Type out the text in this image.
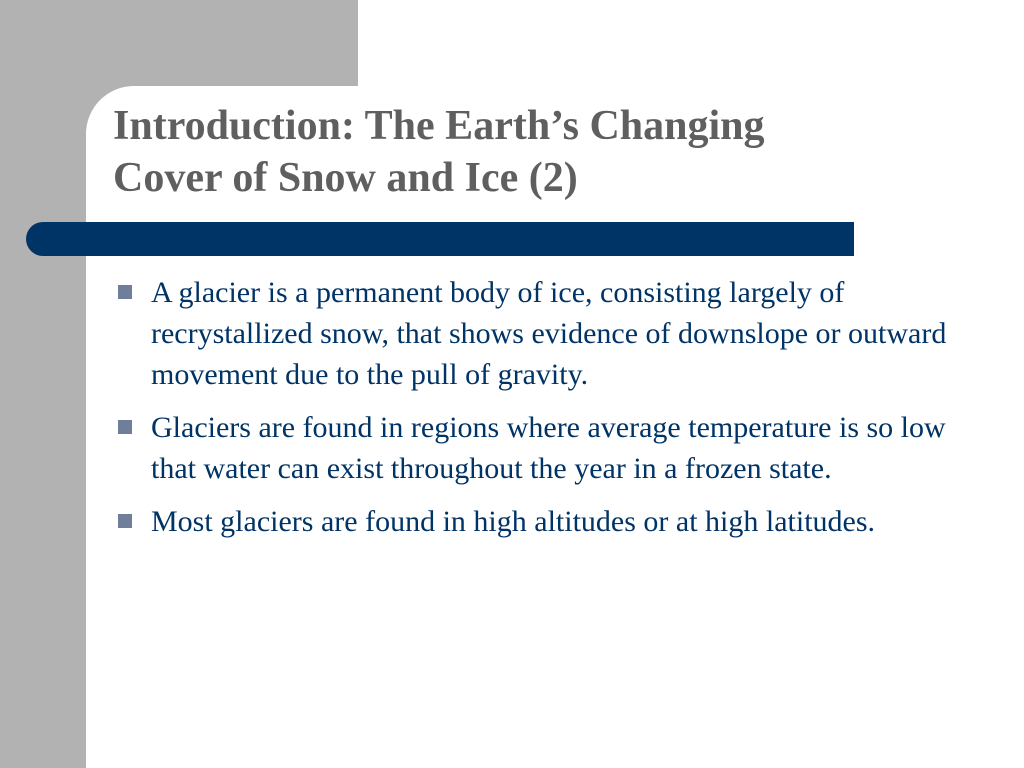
Introduction: The Earth’s Changing
Cover of Snow and Ice (2)
A glacier is a permanent body of ice, consisting largely of recrystallized snow, that shows evidence of downslope or outward movement due to the pull of gravity.
Glaciers are found in regions where average temperature is so low that water can exist throughout the year in a frozen state.
Most glaciers are found in high altitudes or at high latitudes.
